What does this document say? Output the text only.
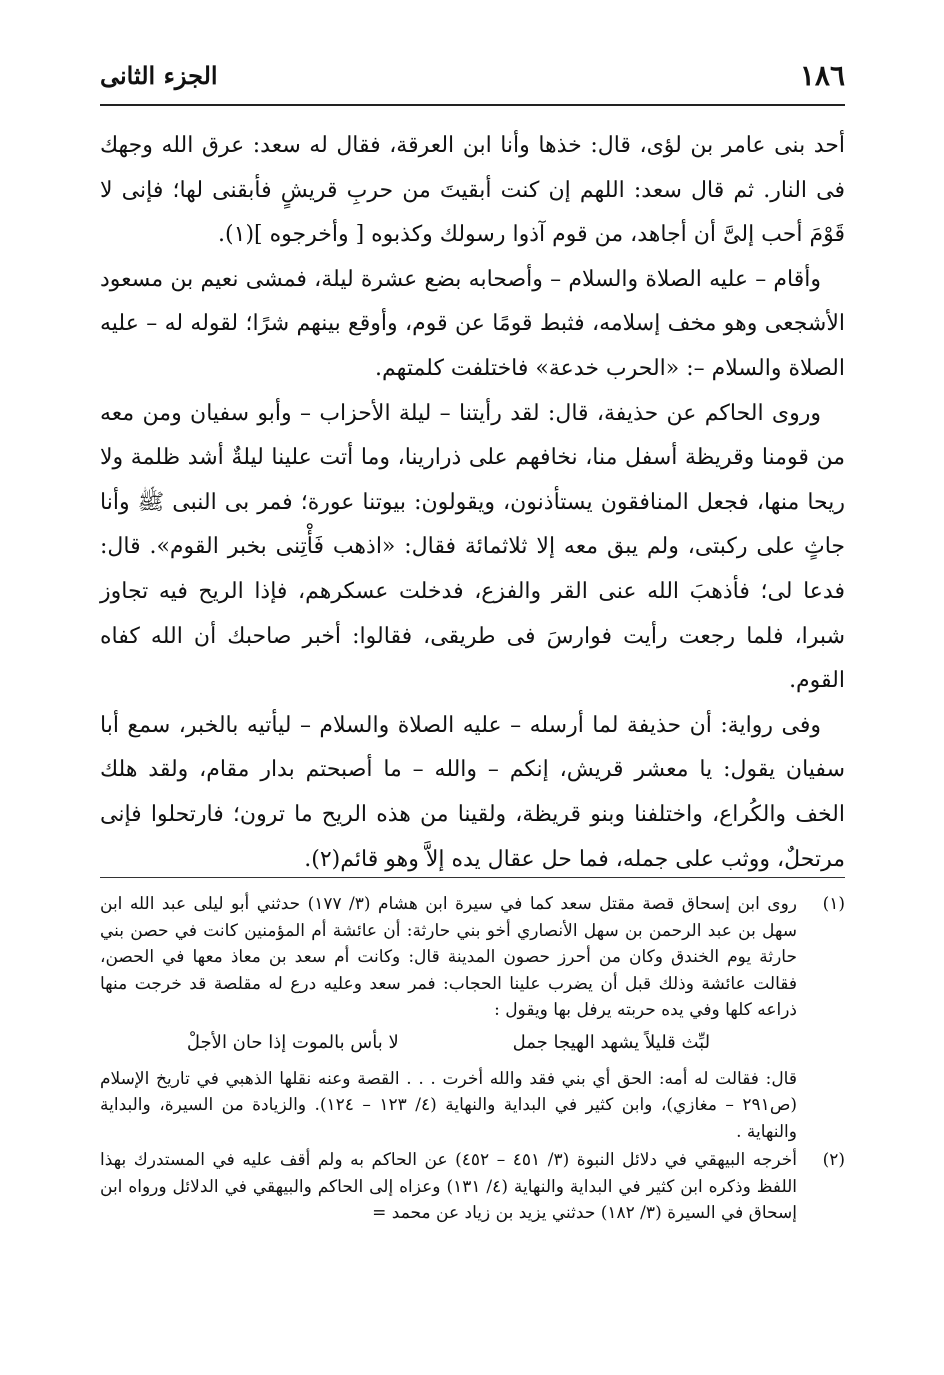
١٨٦
الجزء الثانى

أحد بنى عامر بن لؤى، قال: خذها وأنا ابن العرقة، فقال له سعد: عرق الله وجهك فى النار. ثم قال سعد: اللهم إن كنت أبقيتَ من حربِ قريشٍ فأبقنى لها؛ فإنى لا قَوْمَ أحب إلىَّ أن أجاهد، من قوم آذوا رسولك وكذبوه [ وأخرجوه ](١).

وأقام – عليه الصلاة والسلام – وأصحابه بضع عشرة ليلة، فمشى نعيم بن مسعود الأشجعى وهو مخف إسلامه، فثبط قومًا عن قوم، وأوقع بينهم شرًا؛ لقوله له – عليه الصلاة والسلام –: «الحرب خدعة» فاختلفت كلمتهم.

وروى الحاكم عن حذيفة، قال: لقد رأيتنا – ليلة الأحزاب – وأبو سفيان ومن معه من قومنا وقريظة أسفل منا، نخافهم على ذرارينا، وما أتت علينا ليلةٌ أشد ظلمة ولا ريحا منها، فجعل المنافقون يستأذنون، ويقولون: بيوتنا عورة؛ فمر بى النبى ﷺ وأنا جاثٍ على ركبتى، ولم يبق معه إلا ثلاثمائة فقال: «اذهب فَأْتِنى بخبر القوم». قال: فدعا لى؛ فأذهبَ الله عنى القر والفزع، فدخلت عسكرهم، فإذا الريح فيه تجاوز شبرا، فلما رجعت رأيت فوارسَ فى طريقى، فقالوا: أخبر صاحبك أن الله كفاه القوم.

وفى رواية: أن حذيفة لما أرسله – عليه الصلاة والسلام – ليأتيه بالخبر، سمع أبا سفيان يقول: يا معشر قريش، إنكم – والله – ما أصبحتم بدار مقام، ولقد هلك الخف والكُراع، واختلفنا وبنو قريظة، ولقينا من هذه الريح ما ترون؛ فارتحلوا فإنى مرتحلٌ، ووثب على جمله، فما حل عقال يده إلاَّ وهو قائم(٢).

(١)
روى ابن إسحاق قصة مقتل سعد كما في سيرة ابن هشام (٣/ ١٧٧) حدثني أبو ليلى عبد الله ابن سهل بن عبد الرحمن بن سهل الأنصاري أخو بني حارثة: أن عائشة أم المؤمنين كانت في حصن بني حارثة يوم الخندق وكان من أحرز حصون المدينة قال: وكانت أم سعد بن معاذ معها في الحصن، فقالت عائشة وذلك قبل أن يضرب علينا الحجاب: فمر سعد وعليه درع له مقلصة قد خرجت منها ذراعه كلها وفي يده حربته يرفل بها ويقول :
لبِّث قليلاً يشهد الهيجا جمل
لا بأس بالموت إذا حان الأجلْ
قال: فقالت له أمه: الحق أي بني فقد والله أخرت . . . القصة وعنه نقلها الذهبي في تاريخ الإسلام (ص٢٩١ – مغازي)، وابن كثير في البداية والنهاية (٤/ ١٢٣ – ١٢٤). والزيادة من السيرة، والبداية والنهاية .
(٢)
أخرجه البيهقي في دلائل النبوة (٣/ ٤٥١ – ٤٥٢) عن الحاكم به ولم أقف عليه في المستدرك بهذا اللفظ وذكره ابن كثير في البداية والنهاية (٤/ ١٣١) وعزاه إلى الحاكم والبيهقي في الدلائل ورواه ابن إسحاق في السيرة (٣/ ١٨٢) حدثني يزيد بن زياد عن محمد =
